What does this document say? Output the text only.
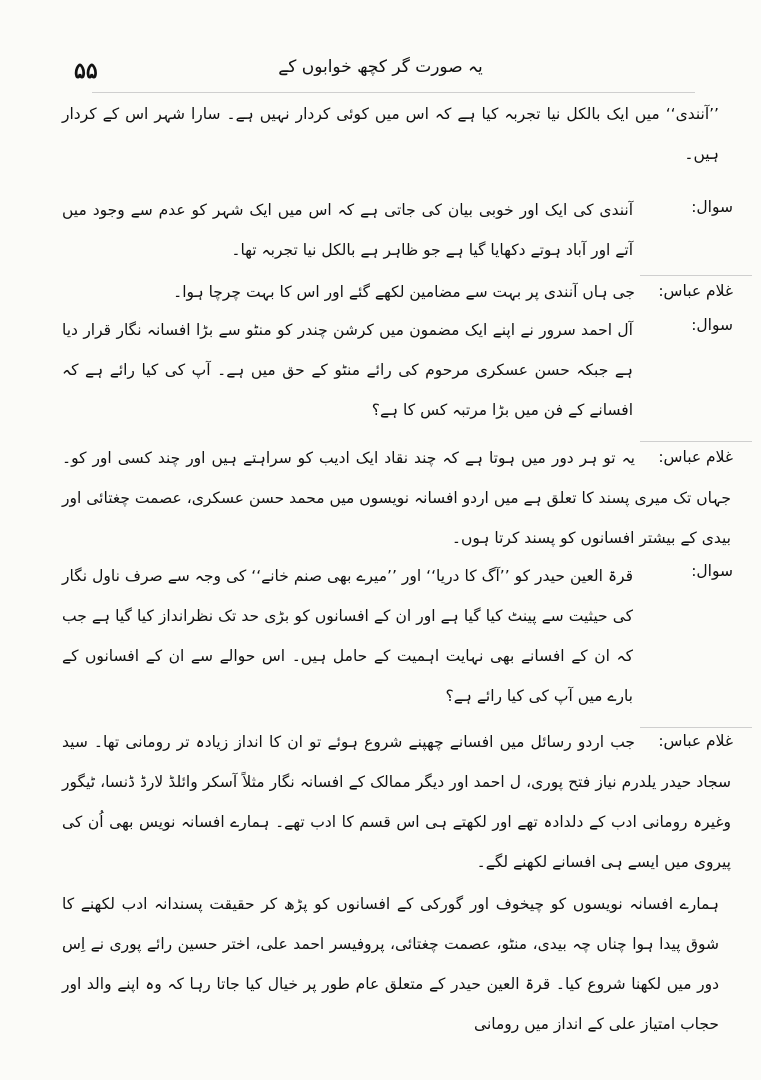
۵۵	یہ صورت گر کچھ خوابوں کے
’’آنندی‘‘ میں ایک بالکل نیا تجربہ کیا ہے کہ اس میں کوئی کردار نہیں ہے۔ سارا شہر اس کے کردار ہیں۔
سوال:
آنندی کی ایک اور خوبی بیان کی جاتی ہے کہ اس میں ایک شہر کو عدم سے وجود میں آتے اور آباد ہوتے دکھایا گیا ہے جو ظاہر ہے بالکل نیا تجربہ تھا۔
غلام عباس:
جی ہاں آنندی پر بہت سے مضامین لکھے گئے اور اس کا بہت چرچا ہوا۔
سوال:
آل احمد سرور نے اپنے ایک مضمون میں کرشن چندر کو منٹو سے بڑا افسانہ نگار قرار دیا ہے جبکہ حسن عسکری مرحوم کی رائے منٹو کے حق میں ہے۔ آپ کی کیا رائے ہے کہ افسانے کے فن میں بڑا مرتبہ کس کا ہے؟
غلام عباس:
یہ تو ہر دور میں ہوتا ہے کہ چند نقاد ایک ادیب کو سراہتے ہیں اور چند کسی اور کو۔ جہاں تک میری پسند کا تعلق ہے میں اردو افسانہ نویسوں میں محمد حسن عسکری، عصمت چغتائی اور بیدی کے بیشتر افسانوں کو پسند کرتا ہوں۔
سوال:
قرۃ العین حیدر کو ’’آگ کا دریا‘‘ اور ’’میرے بھی صنم خانے‘‘ کی وجہ سے صرف ناول نگار کی حیثیت سے پینٹ کیا گیا ہے اور ان کے افسانوں کو بڑی حد تک نظرانداز کیا گیا ہے جب کہ ان کے افسانے بھی نہایت اہمیت کے حامل ہیں۔ اس حوالے سے ان کے افسانوں کے بارے میں آپ کی کیا رائے ہے؟
غلام عباس:
جب اردو رسائل میں افسانے چھپنے شروع ہوئے تو ان کا انداز زیادہ تر رومانی تھا۔ سید سجاد حیدر یلدرم نیاز فتح پوری، ل احمد اور دیگر ممالک کے افسانہ نگار مثلاً آسکر وائلڈ لارڈ ڈنسا، ٹیگور وغیرہ رومانی ادب کے دلدادہ تھے اور لکھتے ہی اس قسم کا ادب تھے۔ ہمارے افسانہ نویس بھی اُن کی پیروی میں ایسے ہی افسانے لکھنے لگے۔
ہمارے افسانہ نویسوں کو چیخوف اور گورکی کے افسانوں کو پڑھ کر حقیقت پسندانہ ادب لکھنے کا شوق پیدا ہوا چناں چہ بیدی، منٹو، عصمت چغتائی، پروفیسر احمد علی، اختر حسین رائے پوری نے اِس دور میں لکھنا شروع کیا۔ قرۃ العین حیدر کے متعلق عام طور پر خیال کیا جاتا رہا کہ وہ اپنے والد اور حجاب امتیاز علی کے انداز میں رومانی
